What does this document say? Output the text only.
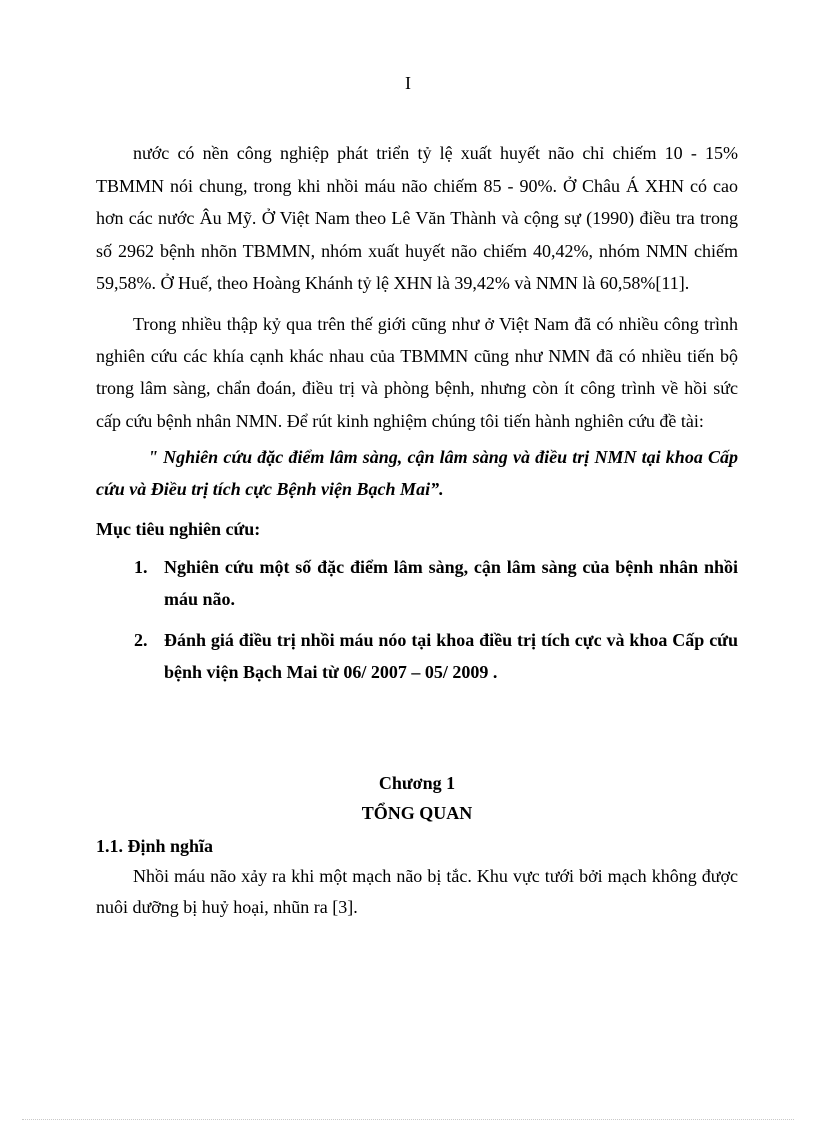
I

nước có nền công nghiệp phát triển tỷ lệ xuất huyết não chỉ chiếm 10 - 15% TBMMN nói chung, trong khi nhồi máu não chiếm 85 - 90%. Ở Châu Á XHN có cao hơn các nước Âu Mỹ. Ở Việt Nam theo Lê Văn Thành và cộng sự (1990) điều tra trong số 2962 bệnh nhõn TBMMN, nhóm xuất huyết não chiếm 40,42%, nhóm NMN chiếm 59,58%. Ở Huế, theo Hoàng Khánh tỷ lệ XHN là 39,42% và NMN là 60,58%[11].

Trong nhiều thập kỷ qua trên thế giới cũng như ở Việt Nam đã có nhiều công trình nghiên cứu các khía cạnh khác nhau của TBMMN cũng như NMN đã có nhiều tiến bộ trong lâm sàng, chẩn đoán, điều trị và phòng bệnh, nhưng còn ít công trình về hồi sức cấp cứu bệnh nhân NMN. Để rút kinh nghiệm chúng tôi tiến hành nghiên cứu đề tài:

" Nghiên cứu đặc điểm lâm sàng, cận lâm sàng và điều trị NMN tại khoa Cấp cứu và Điều trị tích cực Bệnh viện Bạch Mai”.

Mục tiêu nghiên cứu:

1. Nghiên cứu một số đặc điểm lâm sàng, cận lâm sàng của bệnh nhân nhồi máu não.
2. Đánh giá điều trị nhồi máu nóo tại khoa điều trị tích cực và khoa Cấp cứu bệnh viện Bạch Mai từ 06/ 2007 – 05/ 2009 .

Chương 1

TỔNG QUAN

1.1. Định nghĩa

Nhồi máu não xảy ra khi một mạch não bị tắc. Khu vực tưới bởi mạch không được nuôi dưỡng bị huỷ hoại, nhũn ra [3].
